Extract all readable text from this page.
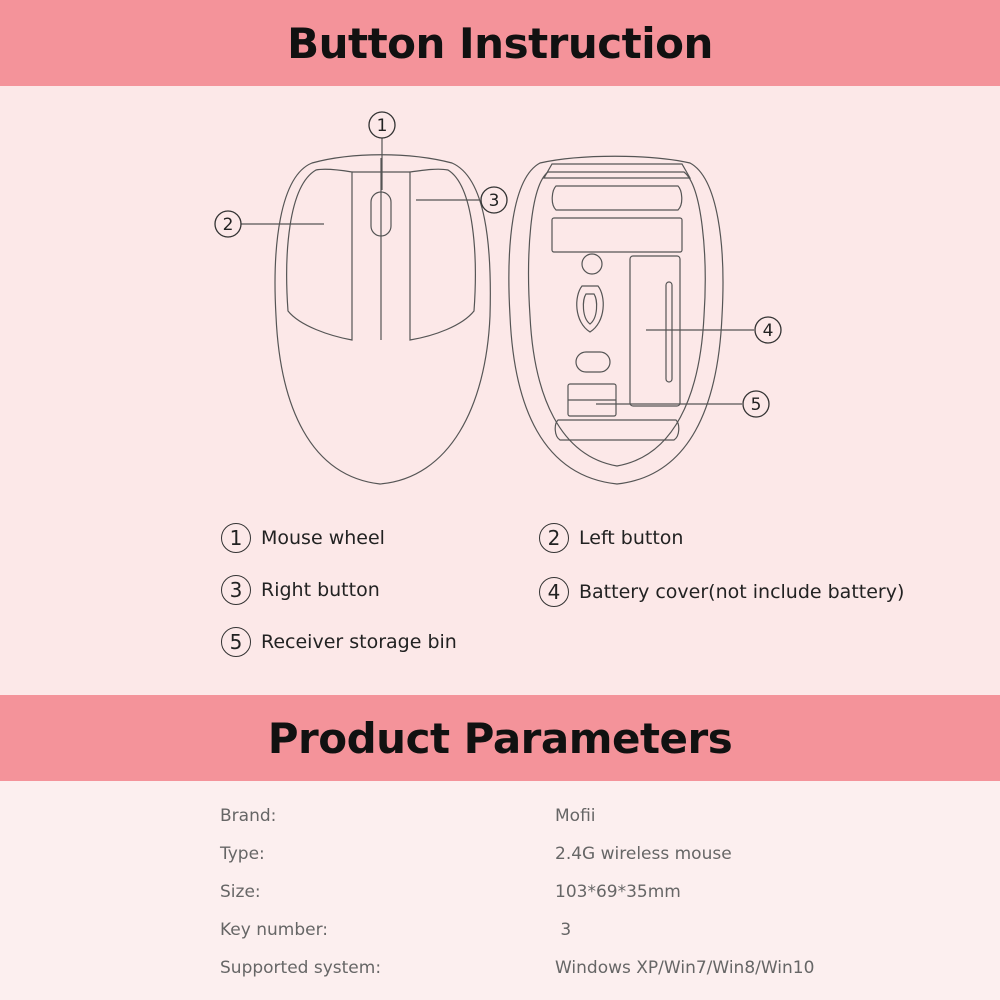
Button Instruction
1
2
3
4
5
1 Mouse wheel	2 Left button
3 Right button	4 Battery cover(not include battery)
5 Receiver storage bin
Product Parameters
Brand:	Mofii
Type:	2.4G wireless mouse
Size:	103*69*35mm
Key number:	3
Supported system:	Windows XP/Win7/Win8/Win10
